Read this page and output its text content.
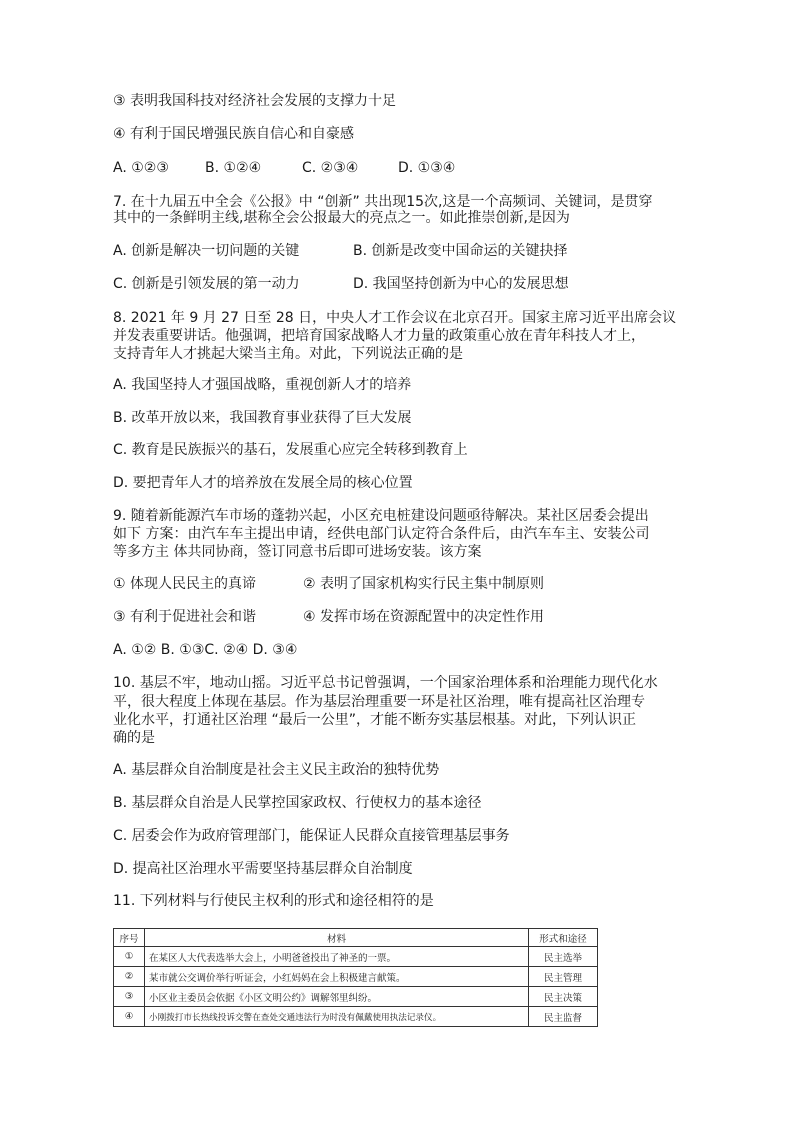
③ 表明我国科技对经济社会发展的支撑力十足
④ 有利于国民增强民族自信心和自豪感
A. ①②③	B. ①②④	C. ②③④	D. ①③④
7. 在十九届五中全会《公报》中 “创新” 共出现15次,这是一个高频词、关键词，是贯穿
其中的一条鲜明主线,堪称全会公报最大的亮点之一。如此推崇创新,是因为
A. 创新是解决一切问题的关键	B. 创新是改变中国命运的关键抉择
C. 创新是引领发展的第一动力	D. 我国坚持创新为中心的发展思想
8. 2021 年 9 月 27 日至 28 日，中央人才工作会议在北京召开。国家主席习近平出席会议
并发表重要讲话。他强调，把培育国家战略人才力量的政策重心放在青年科技人才上，
支持青年人才挑起大梁当主角。对此，下列说法正确的是
A. 我国坚持人才强国战略，重视创新人才的培养
B. 改革开放以来，我国教育事业获得了巨大发展
C. 教育是民族振兴的基石，发展重心应完全转移到教育上
D. 要把青年人才的培养放在发展全局的核心位置
9. 随着新能源汽车市场的蓬勃兴起，小区充电桩建设问题亟待解决。某社区居委会提出
如下 方案：由汽车车主提出申请，经供电部门认定符合条件后，由汽车车主、安装公司
等多方主 体共同协商，签订同意书后即可进场安装。该方案
① 体现人民民主的真谛	② 表明了国家机构实行民主集中制原则
③ 有利于促进社会和谐	④ 发挥市场在资源配置中的决定性作用
A. ①② B. ①③C. ②④ D. ③④
10. 基层不牢，地动山摇。习近平总书记曾强调，一个国家治理体系和治理能力现代化水
平，很大程度上体现在基层。作为基层治理重要一环是社区治理，唯有提高社区治理专
业化水平，打通社区治理 “最后一公里”，才能不断夯实基层根基。对此，下列认识正
确的是
A. 基层群众自治制度是社会主义民主政治的独特优势
B. 基层群众自治是人民掌控国家政权、行使权力的基本途径
C. 居委会作为政府管理部门，能保证人民群众直接管理基层事务
D. 提高社区治理水平需要坚持基层群众自治制度
11. 下列材料与行使民主权利的形式和途径相符的是
序号	材料	形式和途径
①	在某区人大代表选举大会上，小明爸爸投出了神圣的一票。	民主选举
②	某市就公交调价举行听证会，小红妈妈在会上积极建言献策。	民主管理
③	小区业主委员会依据《小区文明公约》调解邻里纠纷。	民主决策
④	小刚拨打市长热线投诉交警在查处交通违法行为时没有佩戴使用执法记录仪。	民主监督
